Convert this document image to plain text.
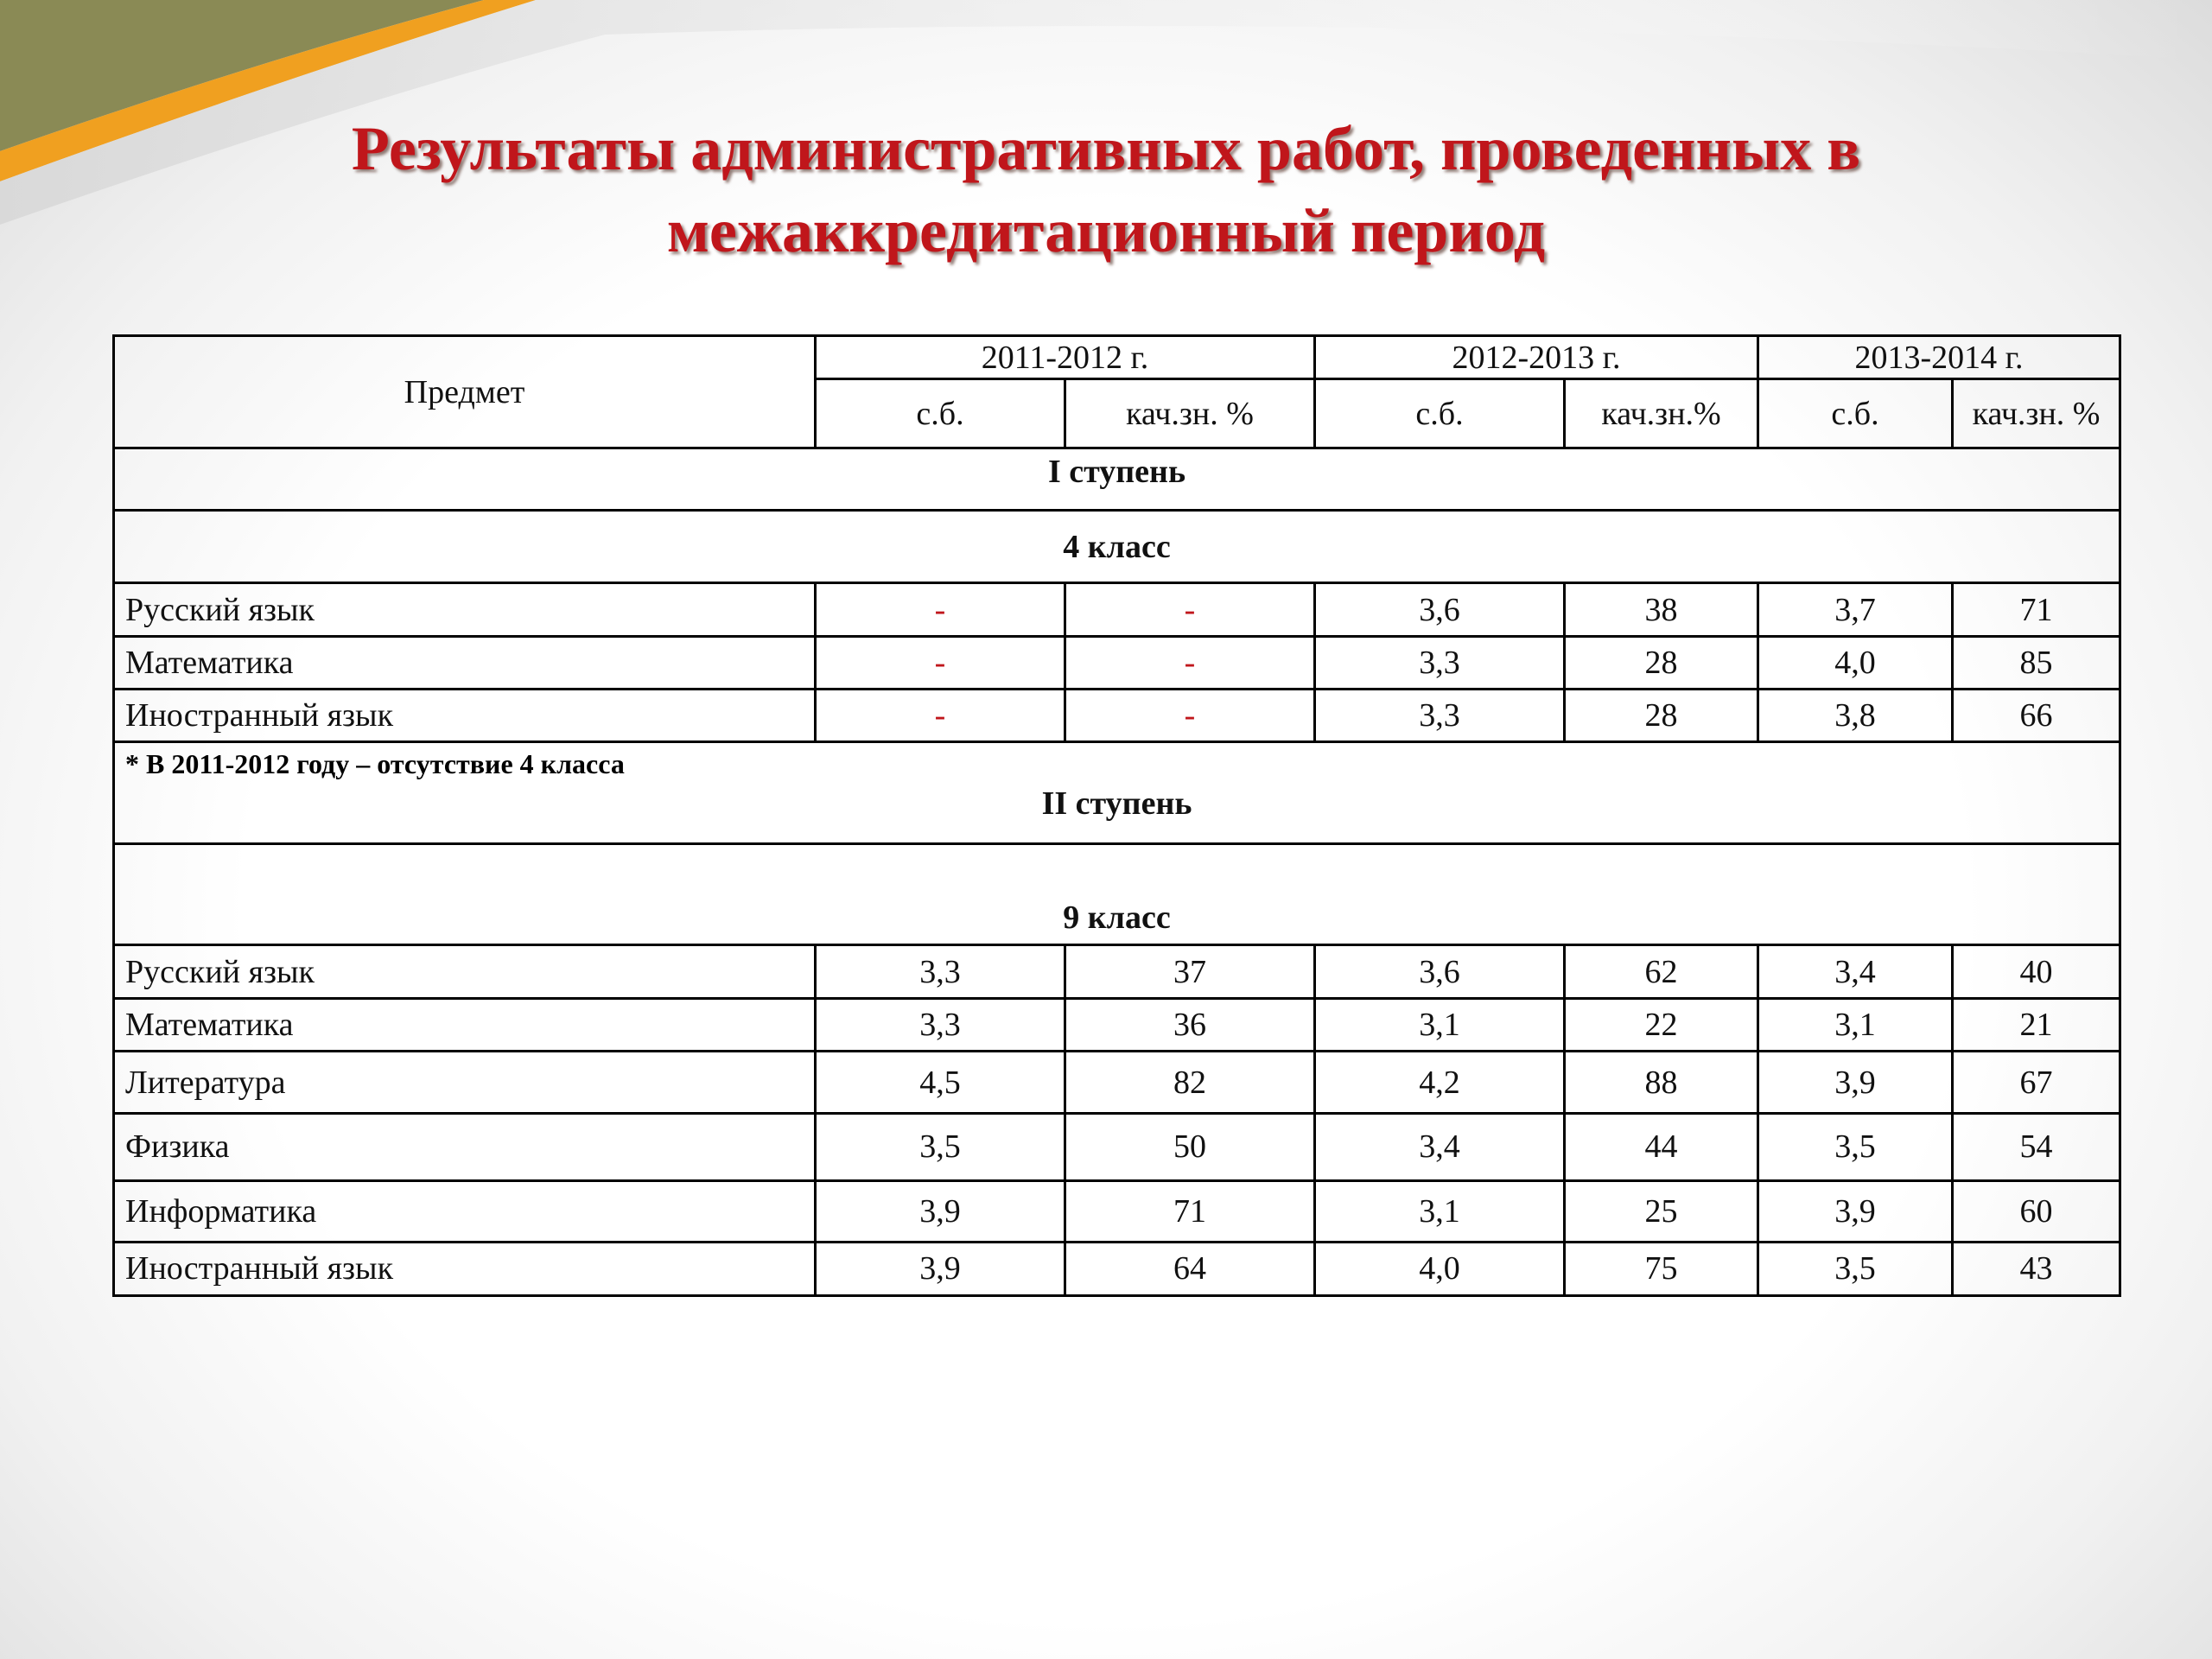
Результаты административных работ, проведенных в
межаккредитационный период
Предмет	2011-2012 г.		2012-2013 г.		2013-2014 г.	
	с.б.	кач.зн. %	с.б.	кач.зн.%	с.б.	кач.зн. %
I ступень						
4 класс						
Русский язык	-	-	3,6	38	3,7	71
Математика	-	-	3,3	28	4,0	85
Иностранный язык	-	-	3,3	28	3,8	66

* В 2011-2012 году – отсутствие 4 класса
II ступень						

9 класс						
Русский язык	3,3	37	3,6	62	3,4	40
Математика	3,3	36	3,1	22	3,1	21
Литература	4,5	82	4,2	88	3,9	67
Физика	3,5	50	3,4	44	3,5	54
Информатика	3,9	71	3,1	25	3,9	60
Иностранный язык	3,9	64	4,0	75	3,5	43
